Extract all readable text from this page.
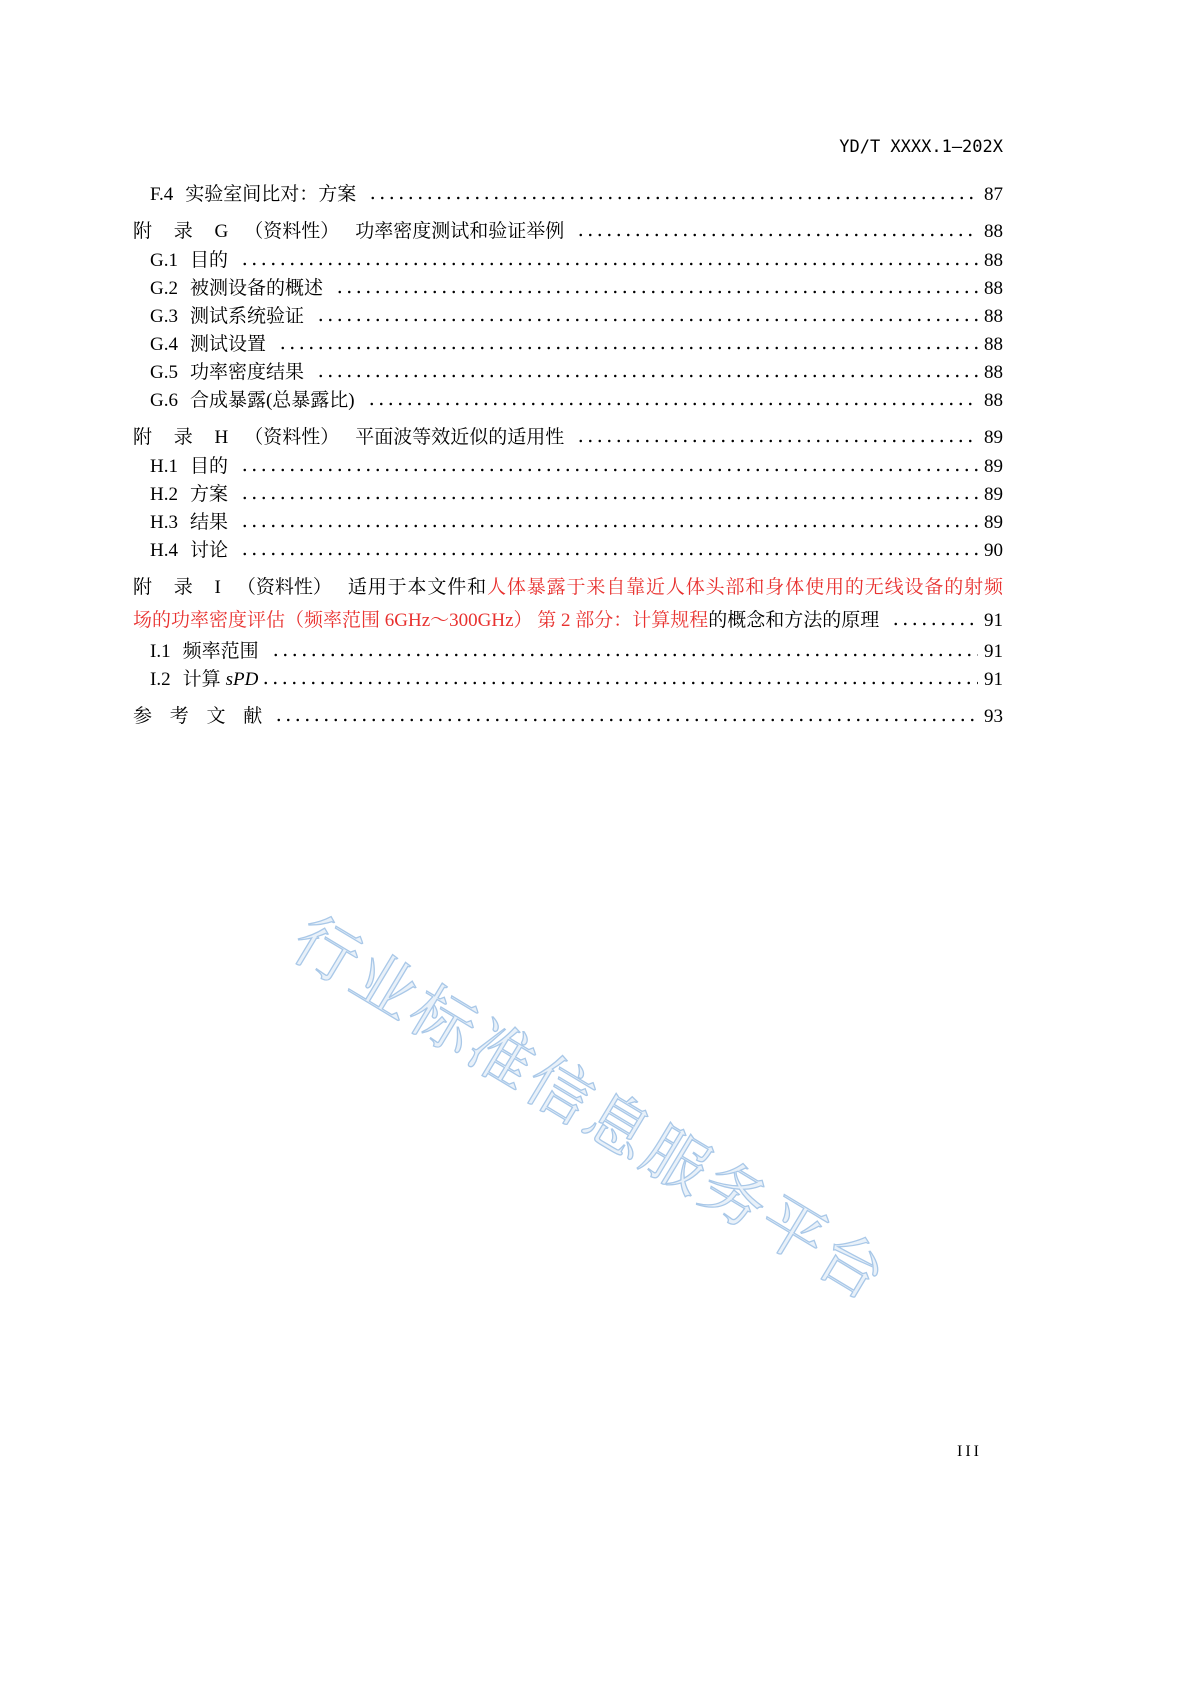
YD/T XXXX.1—202X
F.4 实验室间比对：方案	87
附 录 G （资料性） 功率密度测试和验证举例	88
G.1 目的	88
G.2 被测设备的概述	88
G.3 测试系统验证	88
G.4 测试设置	88
G.5 功率密度结果	88
G.6 合成暴露(总暴露比)	88
附 录 H （资料性） 平面波等效近似的适用性	89
H.1 目的	89
H.2 方案	89
H.3 结果	89
H.4 讨论	90
附 录 I （资料性） 适用于本文件和人体暴露于来自靠近人体头部和身体使用的无线设备的射频
场的功率密度评估（频率范围 6GHz～300GHz） 第 2 部分：计算规程的概念和方法的原理	91
I.1 频率范围	91
I.2 计算 sPD	91
参 考 文 献	93
行业标准信息服务平台
III
